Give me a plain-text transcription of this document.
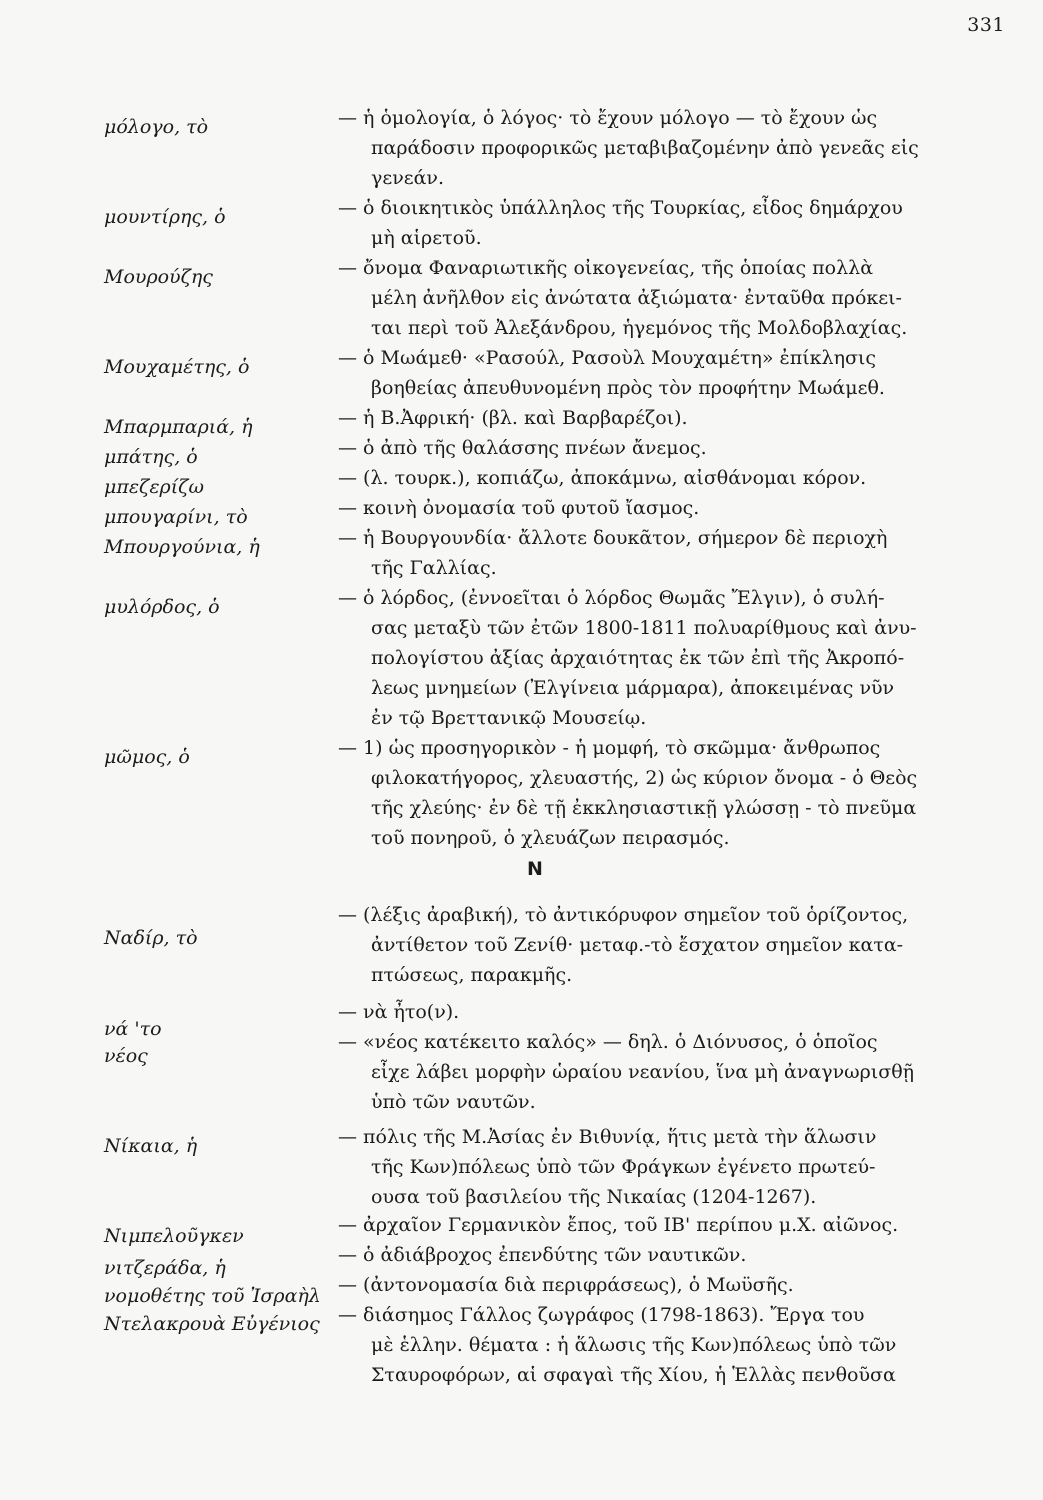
331
μόλογο, τὸ	— ἡ ὁμολογία, ὁ λόγος· τὸ ἔχουν μόλογο — τὸ ἔχουν ὡς
παράδοσιν προφορικῶς μεταβιβαζομένην ἀπὸ γενεᾶς εἰς
γενεάν.
μουντίρης, ὁ	— ὁ διοικητικὸς ὑπάλληλος τῆς Τουρκίας, εἶδος δημάρχου
μὴ αἱρετοῦ.
Μουρούζης	— ὄνομα Φαναριωτικῆς οἰκογενείας, τῆς ὁποίας πολλὰ
μέλη ἀνῆλθον εἰς ἀνώτατα ἀξιώματα· ἐνταῦθα πρόκει-
ται περὶ τοῦ Ἀλεξάνδρου, ἡγεμόνος τῆς Μολδοβλαχίας.
Μουχαμέτης, ὁ	— ὁ Μωάμεθ· «Ρασούλ, Ρασοὺλ Μουχαμέτη» ἐπίκλησις
βοηθείας ἀπευθυνομένη πρὸς τὸν προφήτην Μωάμεθ.
Μπαρμπαριά, ἡ	— ἡ Β.Ἀφρική· (βλ. καὶ Βαρβαρέζοι).
μπάτης, ὁ	— ὁ ἀπὸ τῆς θαλάσσης πνέων ἄνεμος.
μπεζερίζω	— (λ. τουρκ.), κοπιάζω, ἀποκάμνω, αἰσθάνομαι κόρον.
μπουγαρίνι, τὸ	— κοινὴ ὀνομασία τοῦ φυτοῦ ἴασμος.
Μπουργούνια, ἡ	— ἡ Βουργουνδία· ἄλλοτε δουκᾶτον, σήμερον δὲ περιοχὴ
τῆς Γαλλίας.
μυλόρδος, ὁ	— ὁ λόρδος, (ἐννοεῖται ὁ λόρδος Θωμᾶς Ἔλγιν), ὁ συλή-
σας μεταξὺ τῶν ἐτῶν 1800-1811 πολυαρίθμους καὶ ἀνυ-
πολογίστου ἀξίας ἀρχαιότητας ἐκ τῶν ἐπὶ τῆς Ἀκροπό-
λεως μνημείων (Ἐλγίνεια μάρμαρα), ἀποκειμένας νῦν
ἐν τῷ Βρεττανικῷ Μουσείῳ.
μῶμος, ὁ	— 1) ὡς προσηγορικὸν - ἡ μομφή, τὸ σκῶμμα· ἄνθρωπος
φιλοκατήγορος, χλευαστής, 2) ὡς κύριον ὄνομα - ὁ Θεὸς
τῆς χλεύης· ἐν δὲ τῇ ἐκκλησιαστικῇ γλώσσῃ - τὸ πνεῦμα
τοῦ πονηροῦ, ὁ χλευάζων πειρασμός.
N
Ναδίρ, τὸ
— (λέξις ἀραβική), τὸ ἀντικόρυφον σημεῖον τοῦ ὁρίζοντος,
ἀντίθετον τοῦ Ζενίθ· μεταφ.-τὸ ἔσχατον σημεῖον κατα-
πτώσεως, παρακμῆς.
νά 'το
— νὰ ἦτο(ν).
νέος
— «νέος κατέκειτο καλός» — δηλ. ὁ Διόνυσος, ὁ ὁποῖος
εἶχε λάβει μορφὴν ὡραίου νεανίου, ἵνα μὴ ἀναγνωρισθῇ
ὑπὸ τῶν ναυτῶν.
Νίκαια, ἡ	— πόλις τῆς Μ.Ἀσίας ἐν Βιθυνίᾳ, ἥτις μετὰ τὴν ἅλωσιν
τῆς Κων)πόλεως ὑπὸ τῶν Φράγκων ἐγένετο πρωτεύ-
ουσα τοῦ βασιλείου τῆς Νικαίας (1204-1267).
Νιμπελοῦγκεν	— ἀρχαῖον Γερμανικὸν ἔπος, τοῦ ΙΒ' περίπου μ.Χ. αἰῶνος.
νιτζεράδα, ἡ
— ὁ ἀδιάβροχος ἐπενδύτης τῶν ναυτικῶν.
νομοθέτης τοῦ Ἰσραὴλ — (ἀντονομασία διὰ περιφράσεως), ὁ Μωϋσῆς.
Ντελακρουὰ Εὐγένιος — διάσημος Γάλλος ζωγράφος (1798-1863). Ἔργα του
μὲ ἑλλην. θέματα : ἡ ἅλωσις τῆς Κων)πόλεως ὑπὸ τῶν
Σταυροφόρων, αἱ σφαγαὶ τῆς Χίου, ἡ Ἑλλὰς πενθοῦσα
